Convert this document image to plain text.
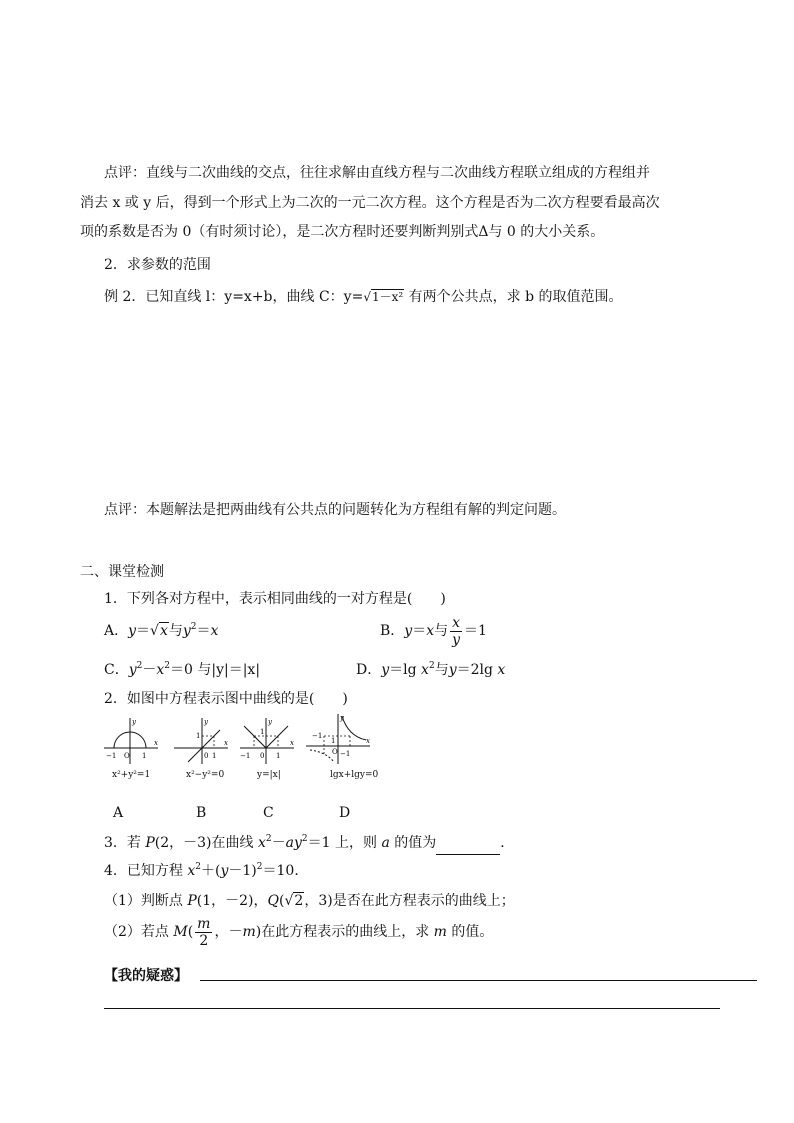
点评：直线与二次曲线的交点，往往求解由直线方程与二次曲线方程联立组成的方程组并
消去 x 或 y 后，得到一个形式上为二次的一元二次方程。这个方程是否为二次方程要看最高次
项的系数是否为 0（有时须讨论），是二次方程时还要判断判别式Δ与 0 的大小关系。
2．求参数的范围
例 2．已知直线 l：y=x+b，曲线 C：y=√1－x² 有两个公共点，求 b 的取值范围。
点评：本题解法是把两曲线有公共点的问题转化为方程组有解的判定问题。
二、课堂检测
1．下列各对方程中，表示相同曲线的一对方程是(　　)
A．y＝√x与$y^2=x$	B．y＝x与 $\frac{x}{y} =1$
C．$y^2-x^2=0$ 与|y|＝|x|	D．y＝lg $x^2$与y＝2lg x
2．如图中方程表示图中曲线的是(　　)
y
x
−1 O 1
y
x
1
0 1
y
x
1
−1 0 1
y
x
−1
1
O −1
x²+y²=1	x²−y²=0	y=|x|	lgx+lgy=0
A	B	C	D
3．若 P(2，－3)在曲线 $x^2-ay^2=1$ 上，则 a 的值为	．
4．已知方程 $x^2+(y-1)^2=10$．
（1）判断点 P(1，－2)，Q(√2，3)是否在此方程表示的曲线上；
（2）若点 $M( \frac{m}{2}$ ，－m)在此方程表示的曲线上，求 m 的值。
【我的疑惑】
